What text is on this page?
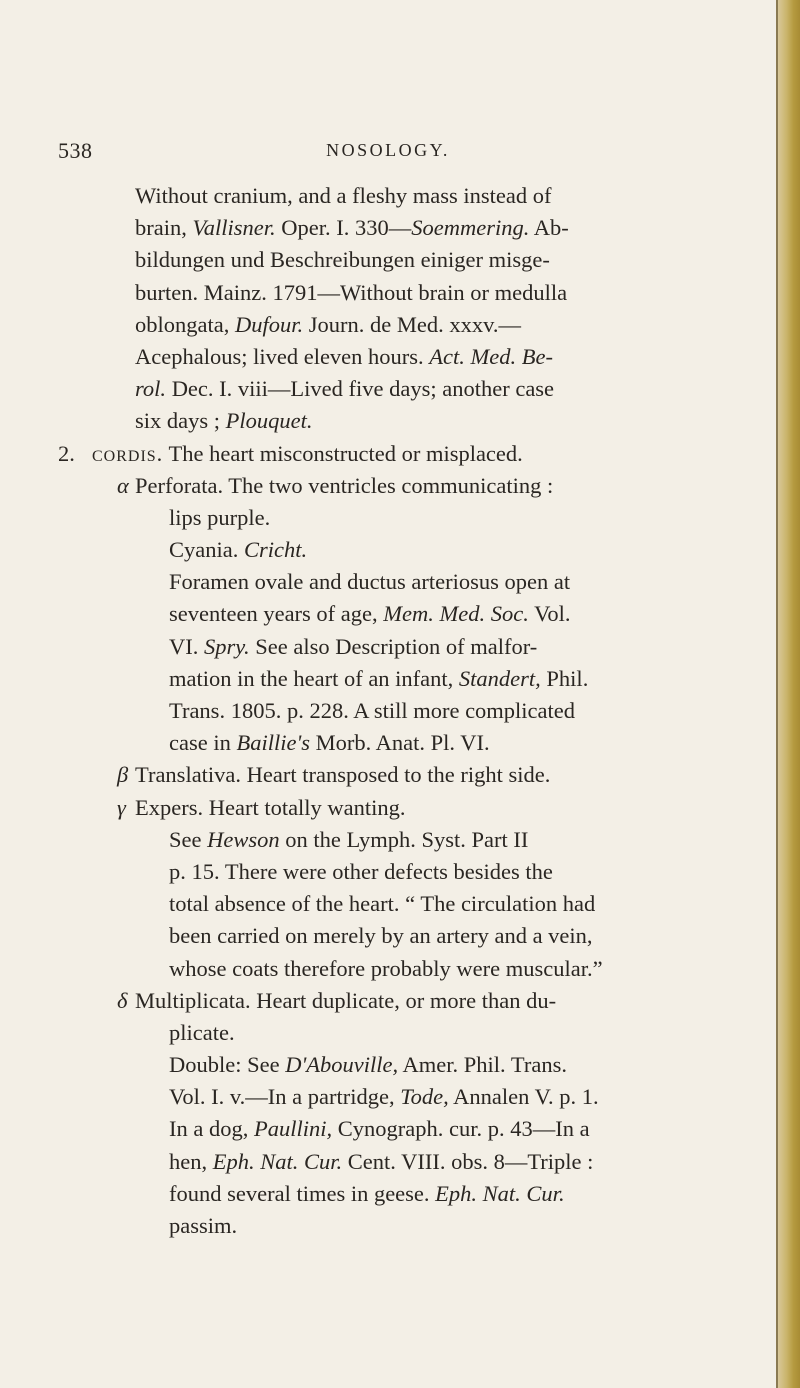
538	NOSOLOGY.
Without cranium, and a fleshy mass instead of
brain, Vallisner. Oper. I. 330—Soemmering. Ab-
bildungen und Beschreibungen einiger misge-
burten. Mainz. 1791—Without brain or medulla
oblongata, Dufour. Journ. de Med. xxxv.—
Acephalous; lived eleven hours. Act. Med. Be-
rol. Dec. I. viii—Lived five days; another case
six days ; Plouquet.
2. cordis. The heart misconstructed or misplaced.
α Perforata. The two ventricles communicating :
lips purple.
Cyania. Cricht.
Foramen ovale and ductus arteriosus open at
seventeen years of age, Mem. Med. Soc. Vol.
VI. Spry. See also Description of malfor-
mation in the heart of an infant, Standert, Phil.
Trans. 1805. p. 228. A still more complicated
case in Baillie's Morb. Anat. Pl. VI.
β Translativa. Heart transposed to the right side.
γ Expers. Heart totally wanting.
See Hewson on the Lymph. Syst. Part II
p. 15. There were other defects besides the
total absence of the heart. “ The circulation had
been carried on merely by an artery and a vein,
whose coats therefore probably were muscular.”
δ Multiplicata. Heart duplicate, or more than du-
plicate.
Double: See D'Abouville, Amer. Phil. Trans.
Vol. I. v.—In a partridge, Tode, Annalen V. p. 1.
In a dog, Paullini, Cynograph. cur. p. 43—In a
hen, Eph. Nat. Cur. Cent. VIII. obs. 8—Triple :
found several times in geese. Eph. Nat. Cur.
passim.
